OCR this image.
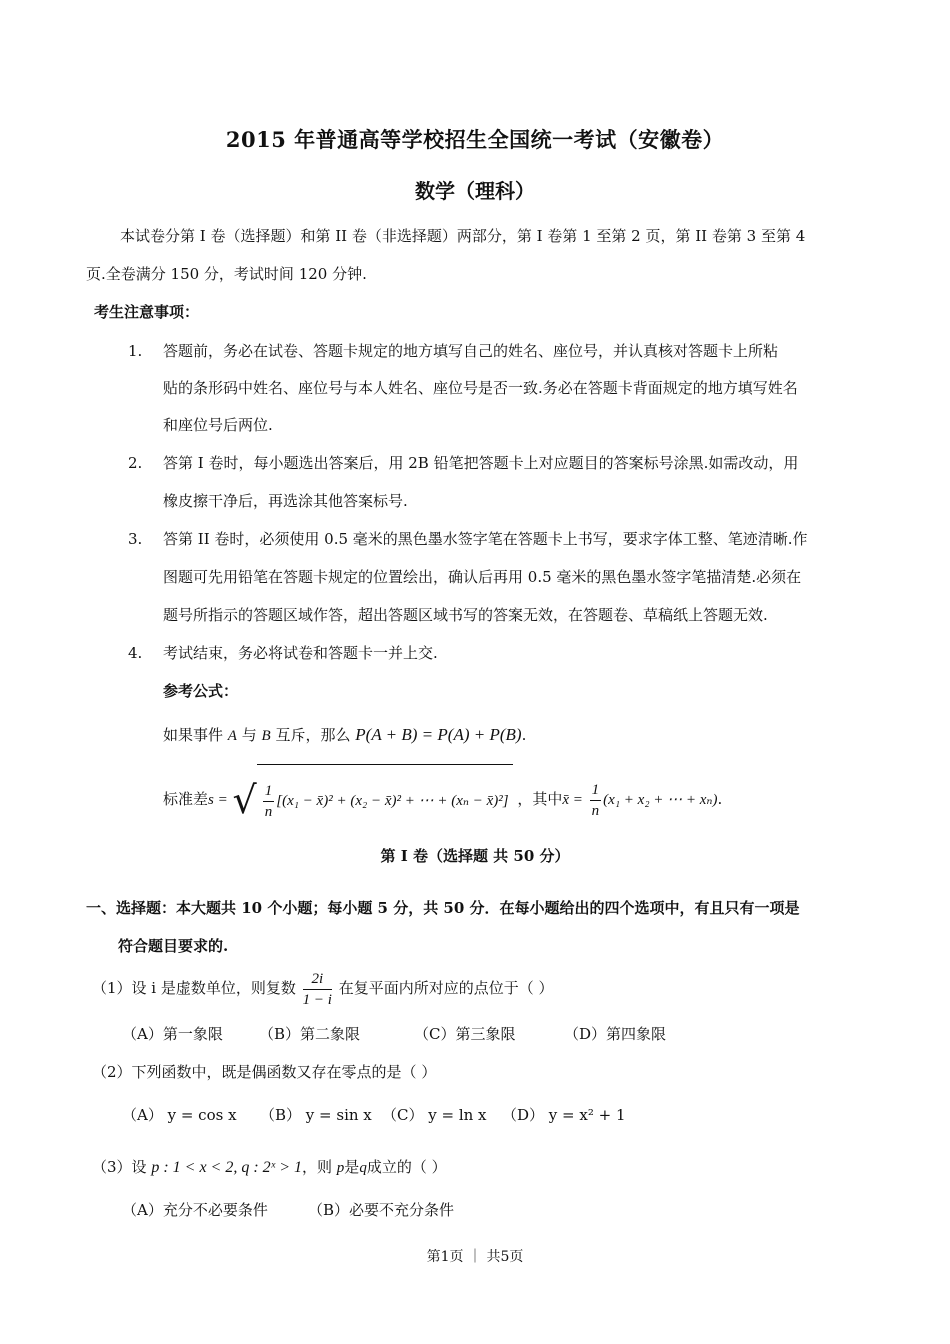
2015 年普通高等学校招生全国统一考试（安徽卷）
数学（理科）
本试卷分第 I 卷（选择题）和第 II 卷（非选择题）两部分，第 I 卷第 1 至第 2 页，第 II 卷第 3 至第 4
页.全卷满分 150 分，考试时间 120 分钟.
考生注意事项：
1. 答题前，务必在试卷、答题卡规定的地方填写自己的姓名、座位号，并认真核对答题卡上所粘
贴的条形码中姓名、座位号与本人姓名、座位号是否一致.务必在答题卡背面规定的地方填写姓名
和座位号后两位.
2. 答第 I 卷时，每小题选出答案后，用 2B 铅笔把答题卡上对应题目的答案标号涂黑.如需改动，用
橡皮擦干净后，再选涂其他答案标号.
3. 答第 II 卷时，必须使用 0.5 毫米的黑色墨水签字笔在答题卡上书写，要求字体工整、笔迹清晰.作
图题可先用铅笔在答题卡规定的位置绘出，确认后再用 0.5 毫米的黑色墨水签字笔描清楚.必须在
题号所指示的答题区域作答，超出答题区域书写的答案无效，在答题卷、草稿纸上答题无效.
4. 考试结束，务必将试卷和答题卡一并上交.
参考公式：
如果事件 A 与 B 互斥，那么 P(A + B) = P(A) + P(B).
标准差s = √ $\frac{1}{n} [(x_1$ − x̄)² + (x₂ − x̄)² + ⋯ + (xₙ − x̄)²] ，其中x̄ = $\frac{1}{n} (x_1 + x_2$ + ⋯ + xₙ).
第 I 卷（选择题 共 50 分）
一、选择题：本大题共 10 个小题；每小题 5 分，共 50 分．在每小题给出的四个选项中，有且只有一项是
符合题目要求的.
（1）设 i 是虚数单位，则复数 $\frac{2i}{1 - i}$ 在复平面内所对应的点位于（ ）
（A）第一象限 （B）第二象限	（C）第三象限	（D）第四象限
（2）下列函数中，既是偶函数又存在零点的是（ ）
（A） y = cos x （B） y = sin x （C） y = ln x （D） y = x² + 1
（3）设 p : 1 < x < 2, q : 2ˣ > 1，则 p是q成立的（ ）
（A）充分不必要条件	（B）必要不充分条件
第1页 ｜ 共5页
